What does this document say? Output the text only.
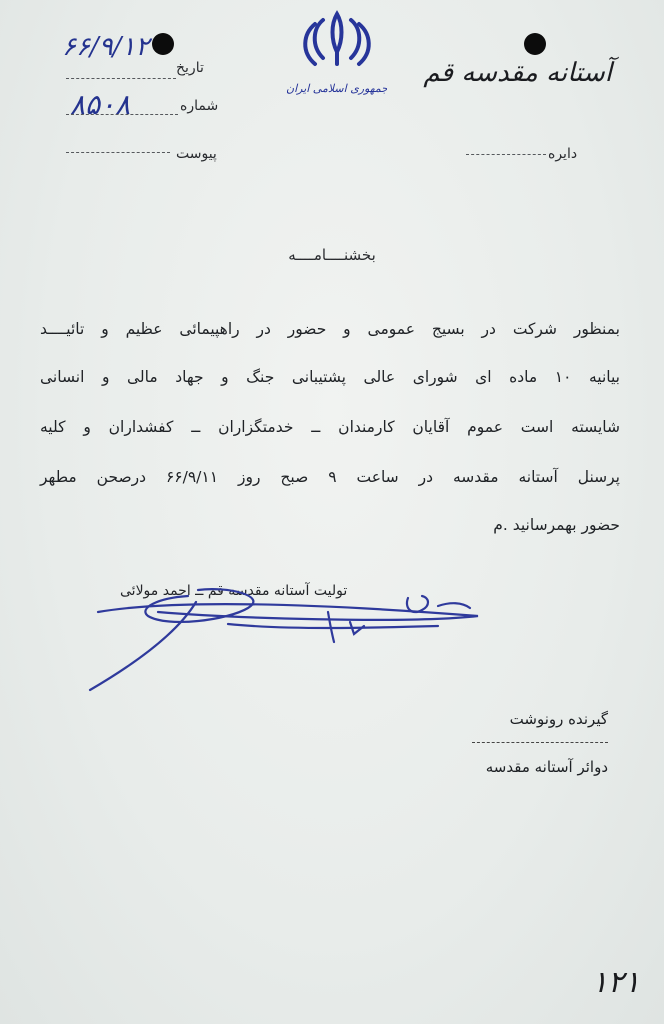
تاریخ
۶۶/۹/۱۲
شماره
۸۵۰۸
پیوست
جمهوری اسلامی ایران
آستانه مقدسه قم
دایره
بخشنــــامــــه
بمنظور شرکت در بسیج عمومی و حضور در راهپیمائی عظیم و تائیــــد
بیانیه ۱۰ ماده ای شورای عالی پشتیبانی جنگ و جهاد مالی و انسانی
شایسته است عموم آقایان کارمندان ــ خدمتگزاران ــ کفشداران و کلیه
پرسنل آستانه مقدسه در ساعت ۹ صبح روز ۶۶/۹/۱۱ درصحن مطهر
حضور بهمرسانید .م
تولیت آستانه مقدسه قم ــ احمد مولائی
گیرنده رونوشت
دوائر آستانه مقدسه
۱۲۱
